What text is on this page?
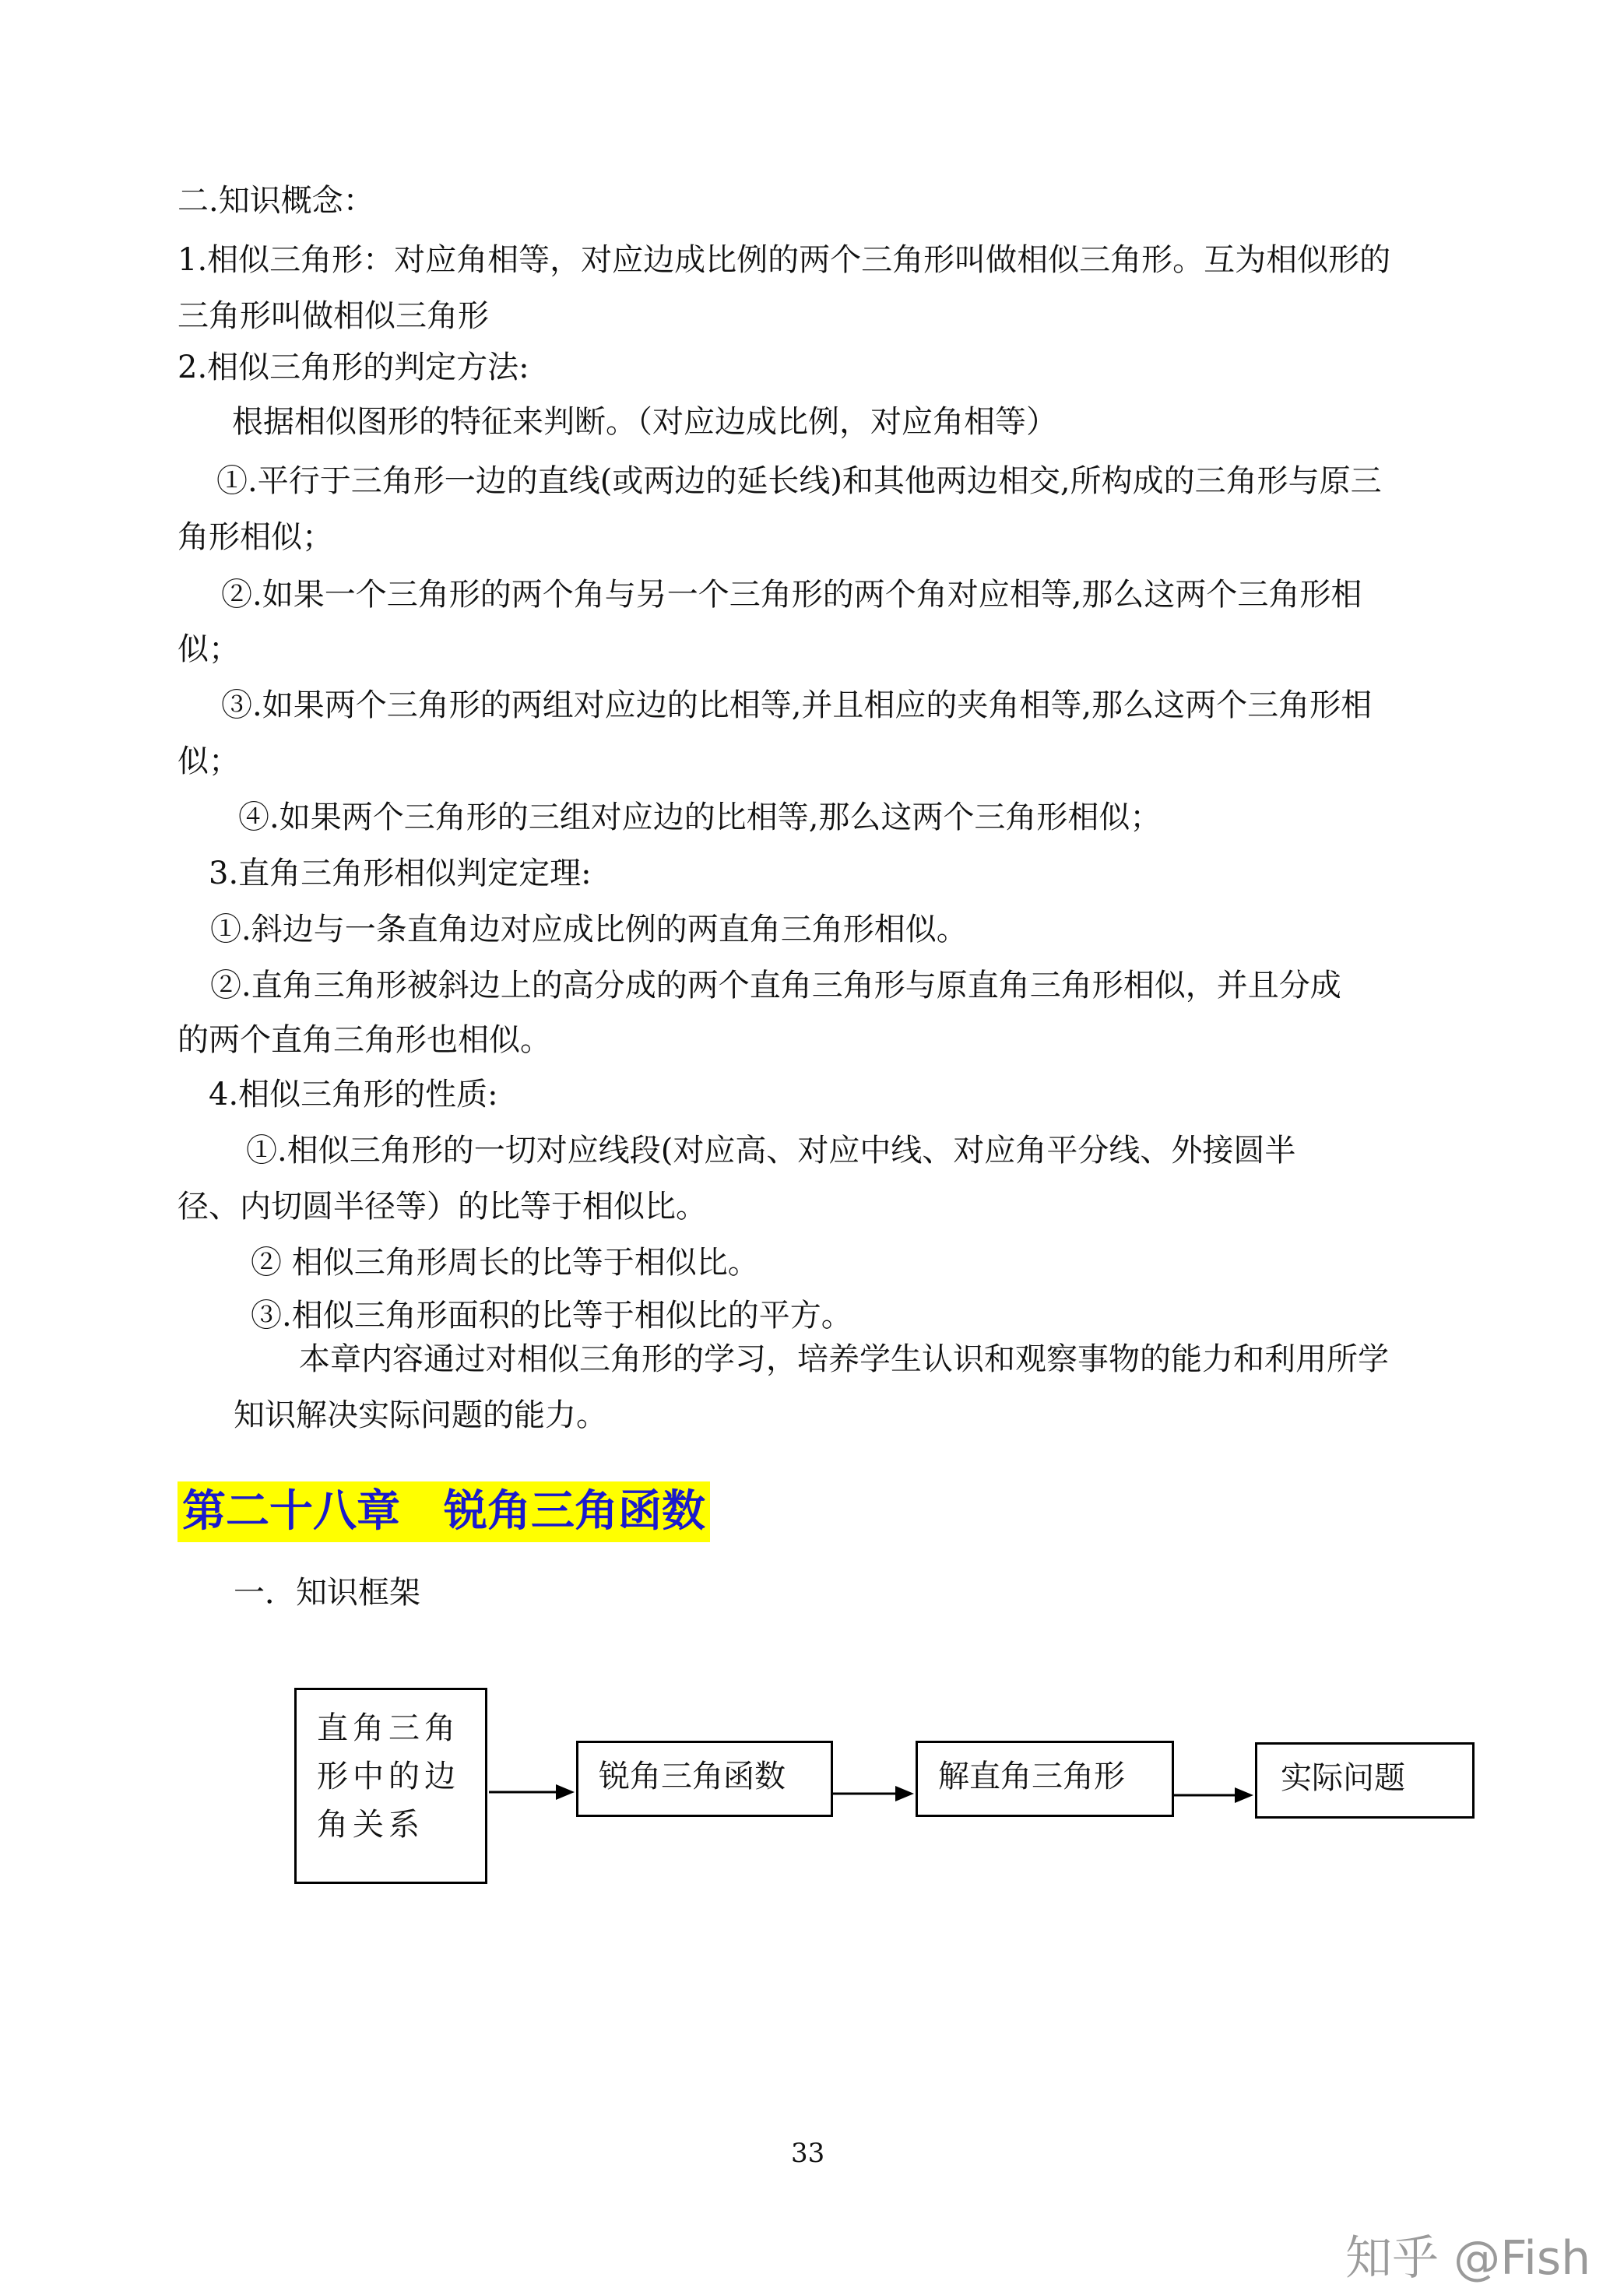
二.知识概念：
1.相似三角形：对应角相等，对应边成比例的两个三角形叫做相似三角形。互为相似形的
三角形叫做相似三角形
2.相似三角形的判定方法:
根据相似图形的特征来判断。（对应边成比例，对应角相等）
①.平行于三角形一边的直线(或两边的延长线)和其他两边相交,所构成的三角形与原三
角形相似；
②.如果一个三角形的两个角与另一个三角形的两个角对应相等,那么这两个三角形相
似；
③.如果两个三角形的两组对应边的比相等,并且相应的夹角相等,那么这两个三角形相
似；
④.如果两个三角形的三组对应边的比相等,那么这两个三角形相似；
3.直角三角形相似判定定理:
①.斜边与一条直角边对应成比例的两直角三角形相似。
②.直角三角形被斜边上的高分成的两个直角三角形与原直角三角形相似，并且分成
的两个直角三角形也相似。
4.相似三角形的性质:
①.相似三角形的一切对应线段(对应高、对应中线、对应角平分线、外接圆半
径、内切圆半径等）的比等于相似比。
② 相似三角形周长的比等于相似比。
③.相似三角形面积的比等于相似比的平方。
本章内容通过对相似三角形的学习，培养学生认识和观察事物的能力和利用所学
知识解决实际问题的能力。
第二十八章　锐角三角函数
一．知识框架
直角三角
形中的边
角关系
锐角三角函数	解直角三角形	实际问题
33
知乎 @Fish
